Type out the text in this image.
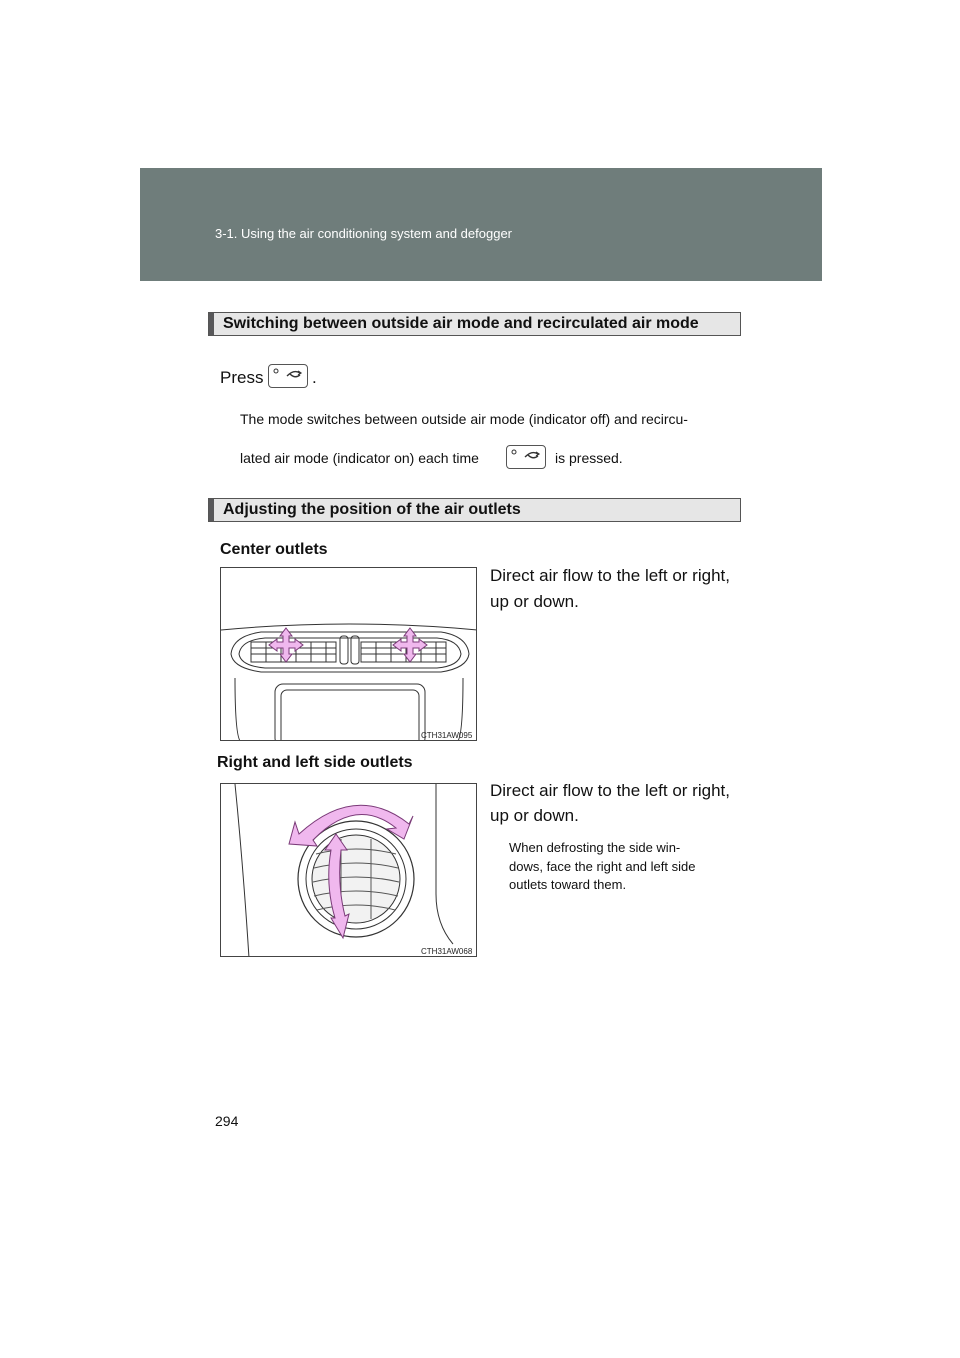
3-1. Using the air conditioning system and defogger
Switching between outside air mode and recirculated air mode
Press	.
The mode switches between outside air mode (indicator off) and recircu-
lated air mode (indicator on) each time	is pressed.
Adjusting the position of the air outlets
Center outlets
CTH31AW095
Direct air flow to the left or right,
up or down.
Right and left side outlets
CTH31AW068
Direct air flow to the left or right,
up or down.
When defrosting the side win-
dows, face the right and left side
outlets toward them.
294
